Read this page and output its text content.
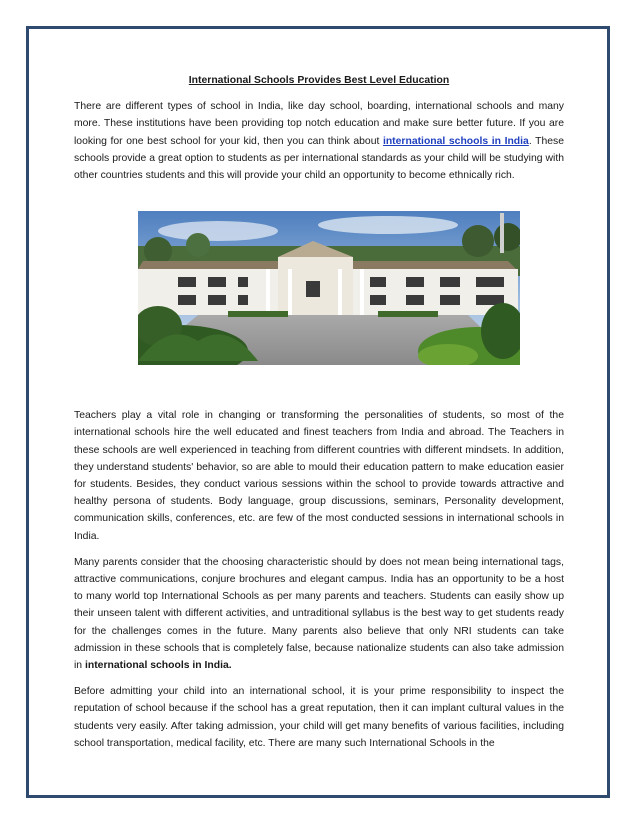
International Schools Provides Best Level Education

There are different types of school in India, like day school, boarding, international schools and many more. These institutions have been providing top notch education and make sure better future. If you are looking for one best school for your kid, then you can think about international schools in India. These schools provide a great option to students as per international standards as your child will be studying with other countries students and this will provide your child an opportunity to become ethnically rich.

Teachers play a vital role in changing or transforming the personalities of students, so most of the international schools hire the well educated and finest teachers from India and abroad. The Teachers in these schools are well experienced in teaching from different countries with different mindsets. In addition, they understand students' behavior, so are able to mould their education pattern to make education easier for students. Besides, they conduct various sessions within the school to provide towards attractive and healthy persona of students. Body language, group discussions, seminars, Personality development, communication skills, conferences, etc. are few of the most conducted sessions in international schools in India.

Many parents consider that the choosing characteristic should by does not mean being international tags, attractive communications, conjure brochures and elegant campus. India has an opportunity to be a host to many world top International Schools as per many parents and teachers. Students can easily show up their unseen talent with different activities, and untraditional syllabus is the best way to get students ready for the challenges comes in the future. Many parents also believe that only NRI students can take admission in these schools that is completely false, because nationalize students can also take admission in international schools in India.

Before admitting your child into an international school, it is your prime responsibility to inspect the reputation of school because if the school has a great reputation, then it can implant cultural values in the students very easily. After taking admission, your child will get many benefits of various facilities, including school transportation, medical facility, etc. There are many such International Schools in the
